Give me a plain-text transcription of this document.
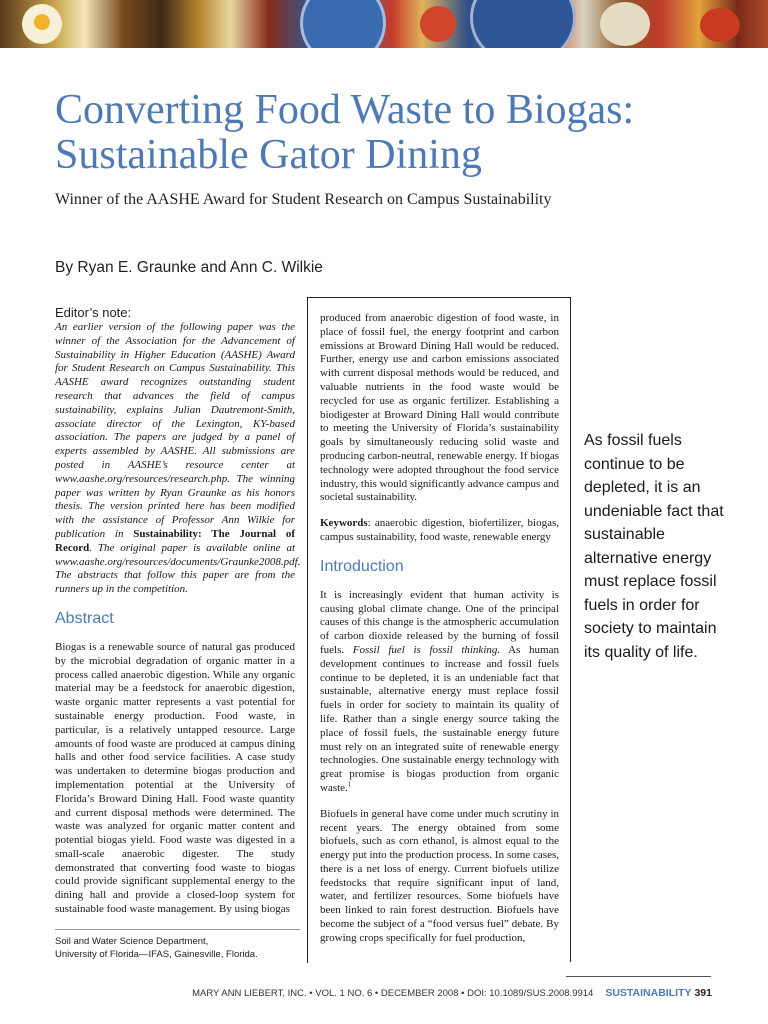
Converting Food Waste to Biogas:
Sustainable Gator Dining

Winner of the AASHE Award for Student Research on Campus Sustainability

By Ryan E. Graunke and Ann C. Wilkie

Editor’s note:

An earlier version of the following paper was the winner of the Association for the Advancement of Sustainability in Higher Education (AASHE) Award for Student Research on Campus Sustainability. This AASHE award recognizes outstanding student research that advances the field of campus sustainability, explains Julian Dautremont-Smith, associate director of the Lexington, KY-based association. The papers are judged by a panel of experts assembled by AASHE. All submissions are posted in AASHE’s resource center at www.aashe.org/resources/research.php. The winning paper was written by Ryan Graunke as his honors thesis. The version printed here has been modified with the assistance of Professor Ann Wilkie for publication in Sustainability: The Journal of Record. The original paper is available online at www.aashe.org/resources/documents/Graunke2008.pdf. The abstracts that follow this paper are from the runners up in the competition.

Abstract

Biogas is a renewable source of natural gas produced by the microbial degradation of organic matter in a process called anaerobic digestion. While any organic material may be a feedstock for anaerobic digestion, waste organic matter represents a vast potential for sustainable energy production. Food waste, in particular, is a relatively untapped resource. Large amounts of food waste are produced at campus dining halls and other food service facilities. A case study was undertaken to determine biogas production and implementation potential at the University of Florida’s Broward Dining Hall. Food waste quantity and current disposal methods were determined. The waste was analyzed for organic matter content and potential biogas yield. Food waste was digested in a small-scale anaerobic digester. The study demonstrated that converting food waste to biogas could provide significant supplemental energy to the dining hall and provide a closed-loop system for sustainable food waste management. By using biogas

Soil and Water Science Department,
University of Florida—IFAS, Gainesville, Florida.

produced from anaerobic digestion of food waste, in place of fossil fuel, the energy footprint and carbon emissions at Broward Dining Hall would be reduced. Further, energy use and carbon emissions associated with current disposal methods would be reduced, and valuable nutrients in the food waste would be recycled for use as organic fertilizer. Establishing a biodigester at Broward Dining Hall would contribute to meeting the University of Florida’s sustainability goals by simultaneously reducing solid waste and producing carbon-neutral, renewable energy. If biogas technology were adopted throughout the food service industry, this would significantly advance campus and societal sustainability.

Keywords: anaerobic digestion, biofertilizer, biogas, campus sustainability, food waste, renewable energy

Introduction

It is increasingly evident that human activity is causing global climate change. One of the principal causes of this change is the atmospheric accumulation of carbon dioxide released by the burning of fossil fuels. Fossil fuel is fossil thinking. As human development continues to increase and fossil fuels continue to be depleted, it is an undeniable fact that sustainable, alternative energy must replace fossil fuels in order for society to maintain its quality of life. Rather than a single energy source taking the place of fossil fuels, the sustainable energy future must rely on an integrated suite of renewable energy technologies. One sustainable energy technology with great promise is biogas production from organic waste.$^1$

Biofuels in general have come under much scrutiny in recent years. The energy obtained from some biofuels, such as corn ethanol, is almost equal to the energy put into the production process. In some cases, there is a net loss of energy. Current biofuels utilize feedstocks that require significant input of land, water, and fertilizer resources. Some biofuels have been linked to rain forest destruction. Biofuels have become the subject of a “food versus fuel” debate. By growing crops specifically for fuel production,

As fossil fuels continue to be depleted, it is an undeniable fact that sustainable alternative energy must replace fossil fuels in order for society to maintain its quality of life.

MARY ANN LIEBERT, INC. • VOL. 1 NO. 6 • DECEMBER 2008 • DOI: 10.1089/SUS.2008.9914 SUSTAINABILITY 391
